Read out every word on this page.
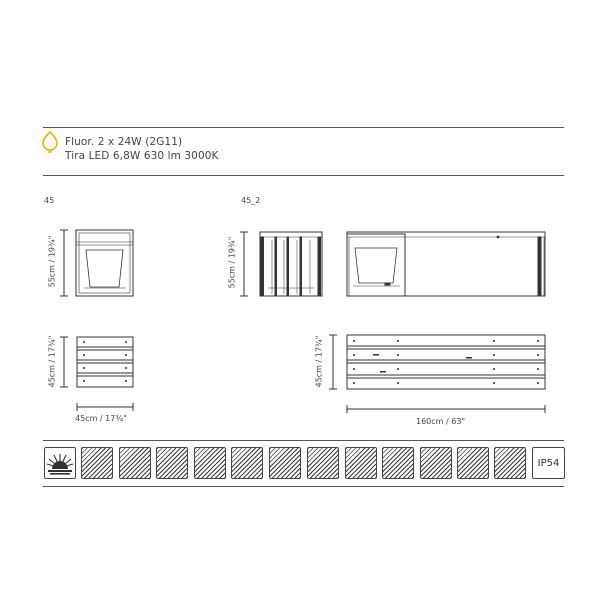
Fluor. 2 x 24W (2G11)
Tira LED 6,8W 630 lm 3000K
45	45_2
55cm / 19¾"	55cm / 19¾"
45cm / 17¾"	45cm / 17¾"
45cm / 17¾"	160cm / 63"
IP54
